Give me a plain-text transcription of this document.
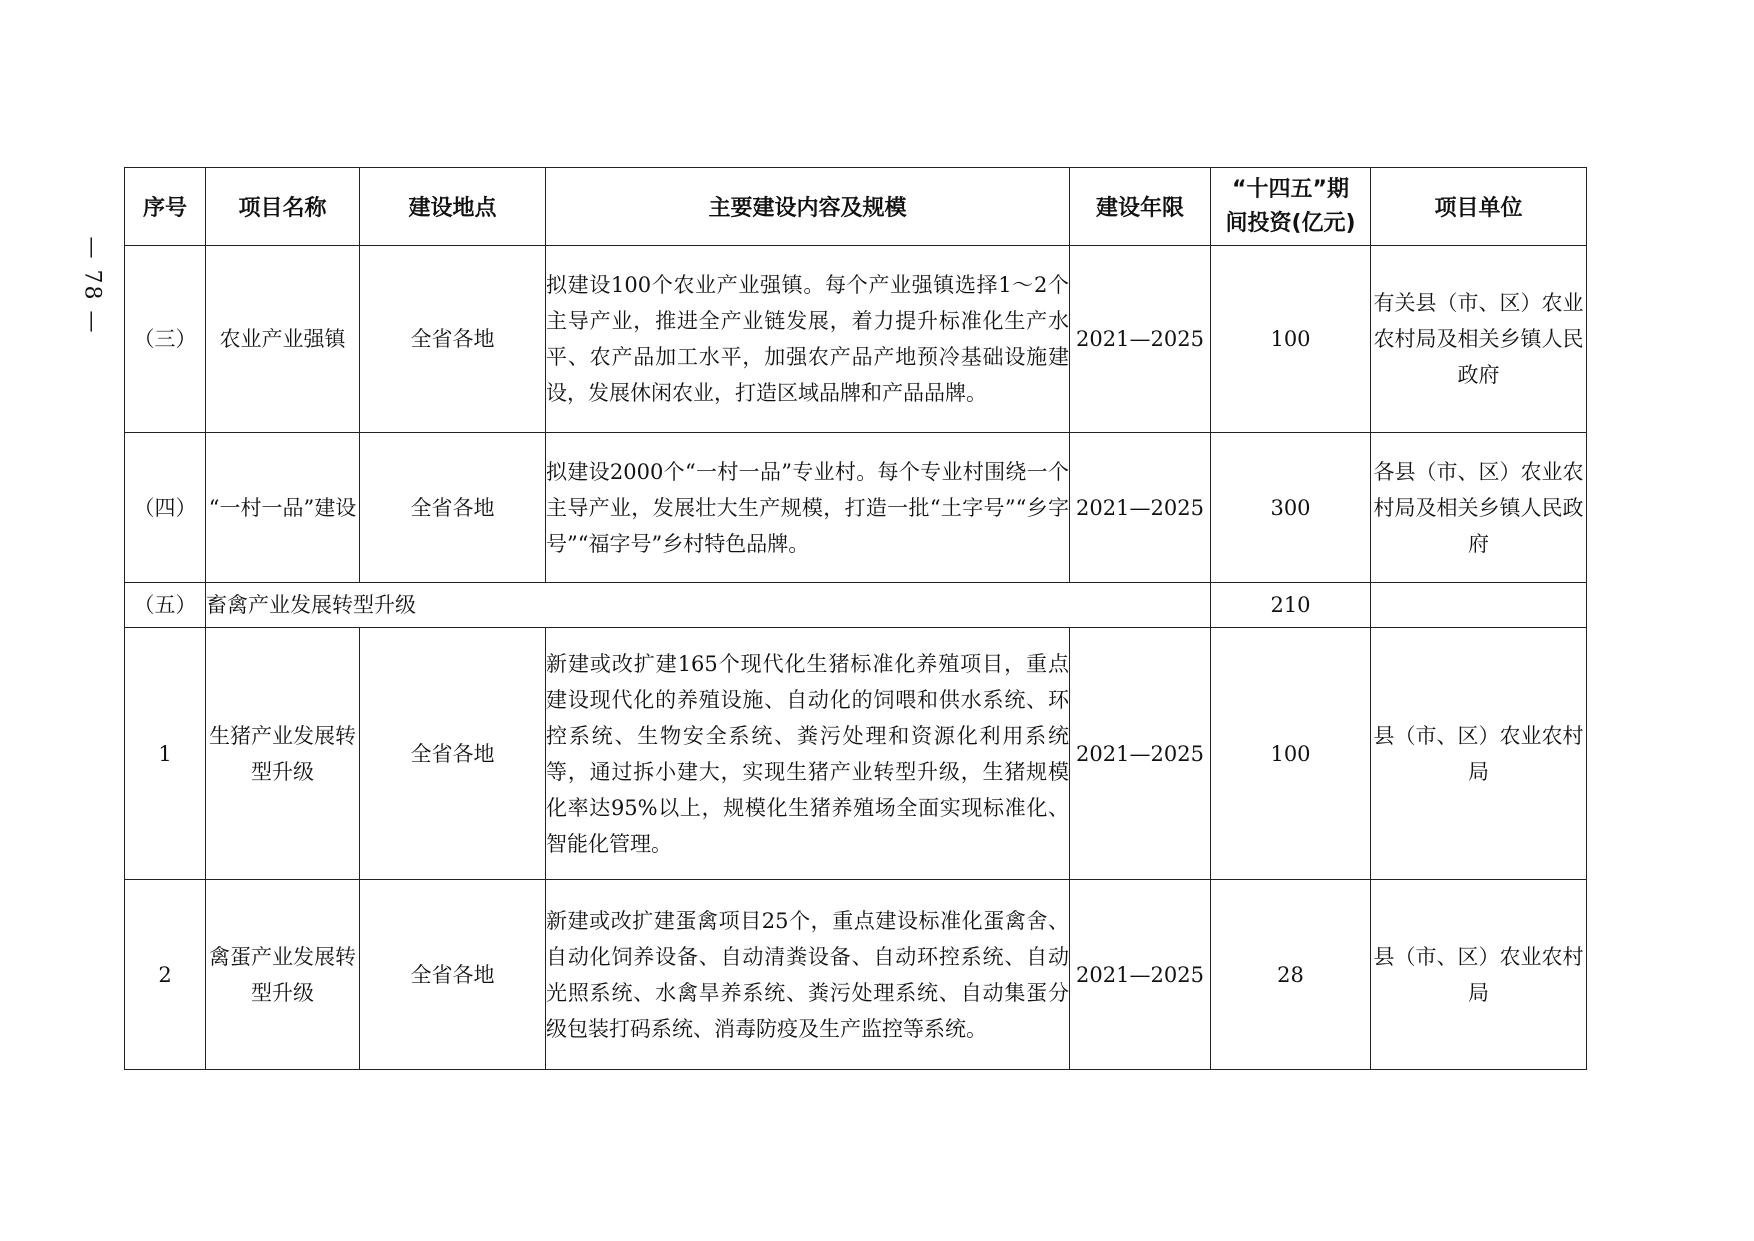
— 78 —
序号	项目名称	建设地点	主要建设内容及规模	建设年限	“十四五”期
间投资(亿元)	项目单位
（三）	农业产业强镇	全省各地	拟建设100个农业产业强镇。每个产业强镇选择1～2个主导产业，推进全产业链发展，着力提升标准化生产水平、农产品加工水平，加强农产品产地预冷基础设施建设，发展休闲农业，打造区域品牌和产品品牌。	2021—2025	100	有关县（市、区）农业农村局及相关乡镇人民政府
（四）	“一村一品”建设	全省各地	拟建设2000个“一村一品”专业村。每个专业村围绕一个主导产业，发展壮大生产规模，打造一批“土字号”“乡字号”“福字号”乡村特色品牌。	2021—2025	300	各县（市、区）农业农村局及相关乡镇人民政府
（五）	畜禽产业发展转型升级				210	
1	生猪产业发展转型升级	全省各地	新建或改扩建165个现代化生猪标准化养殖项目，重点建设现代化的养殖设施、自动化的饲喂和供水系统、环控系统、生物安全系统、粪污处理和资源化利用系统等，通过拆小建大，实现生猪产业转型升级，生猪规模化率达95%以上，规模化生猪养殖场全面实现标准化、智能化管理。	2021—2025	100	县（市、区）农业农村局
2	禽蛋产业发展转型升级	全省各地	新建或改扩建蛋禽项目25个，重点建设标准化蛋禽舍、自动化饲养设备、自动清粪设备、自动环控系统、自动光照系统、水禽旱养系统、粪污处理系统、自动集蛋分级包装打码系统、消毒防疫及生产监控等系统。	2021—2025	28	县（市、区）农业农村局
